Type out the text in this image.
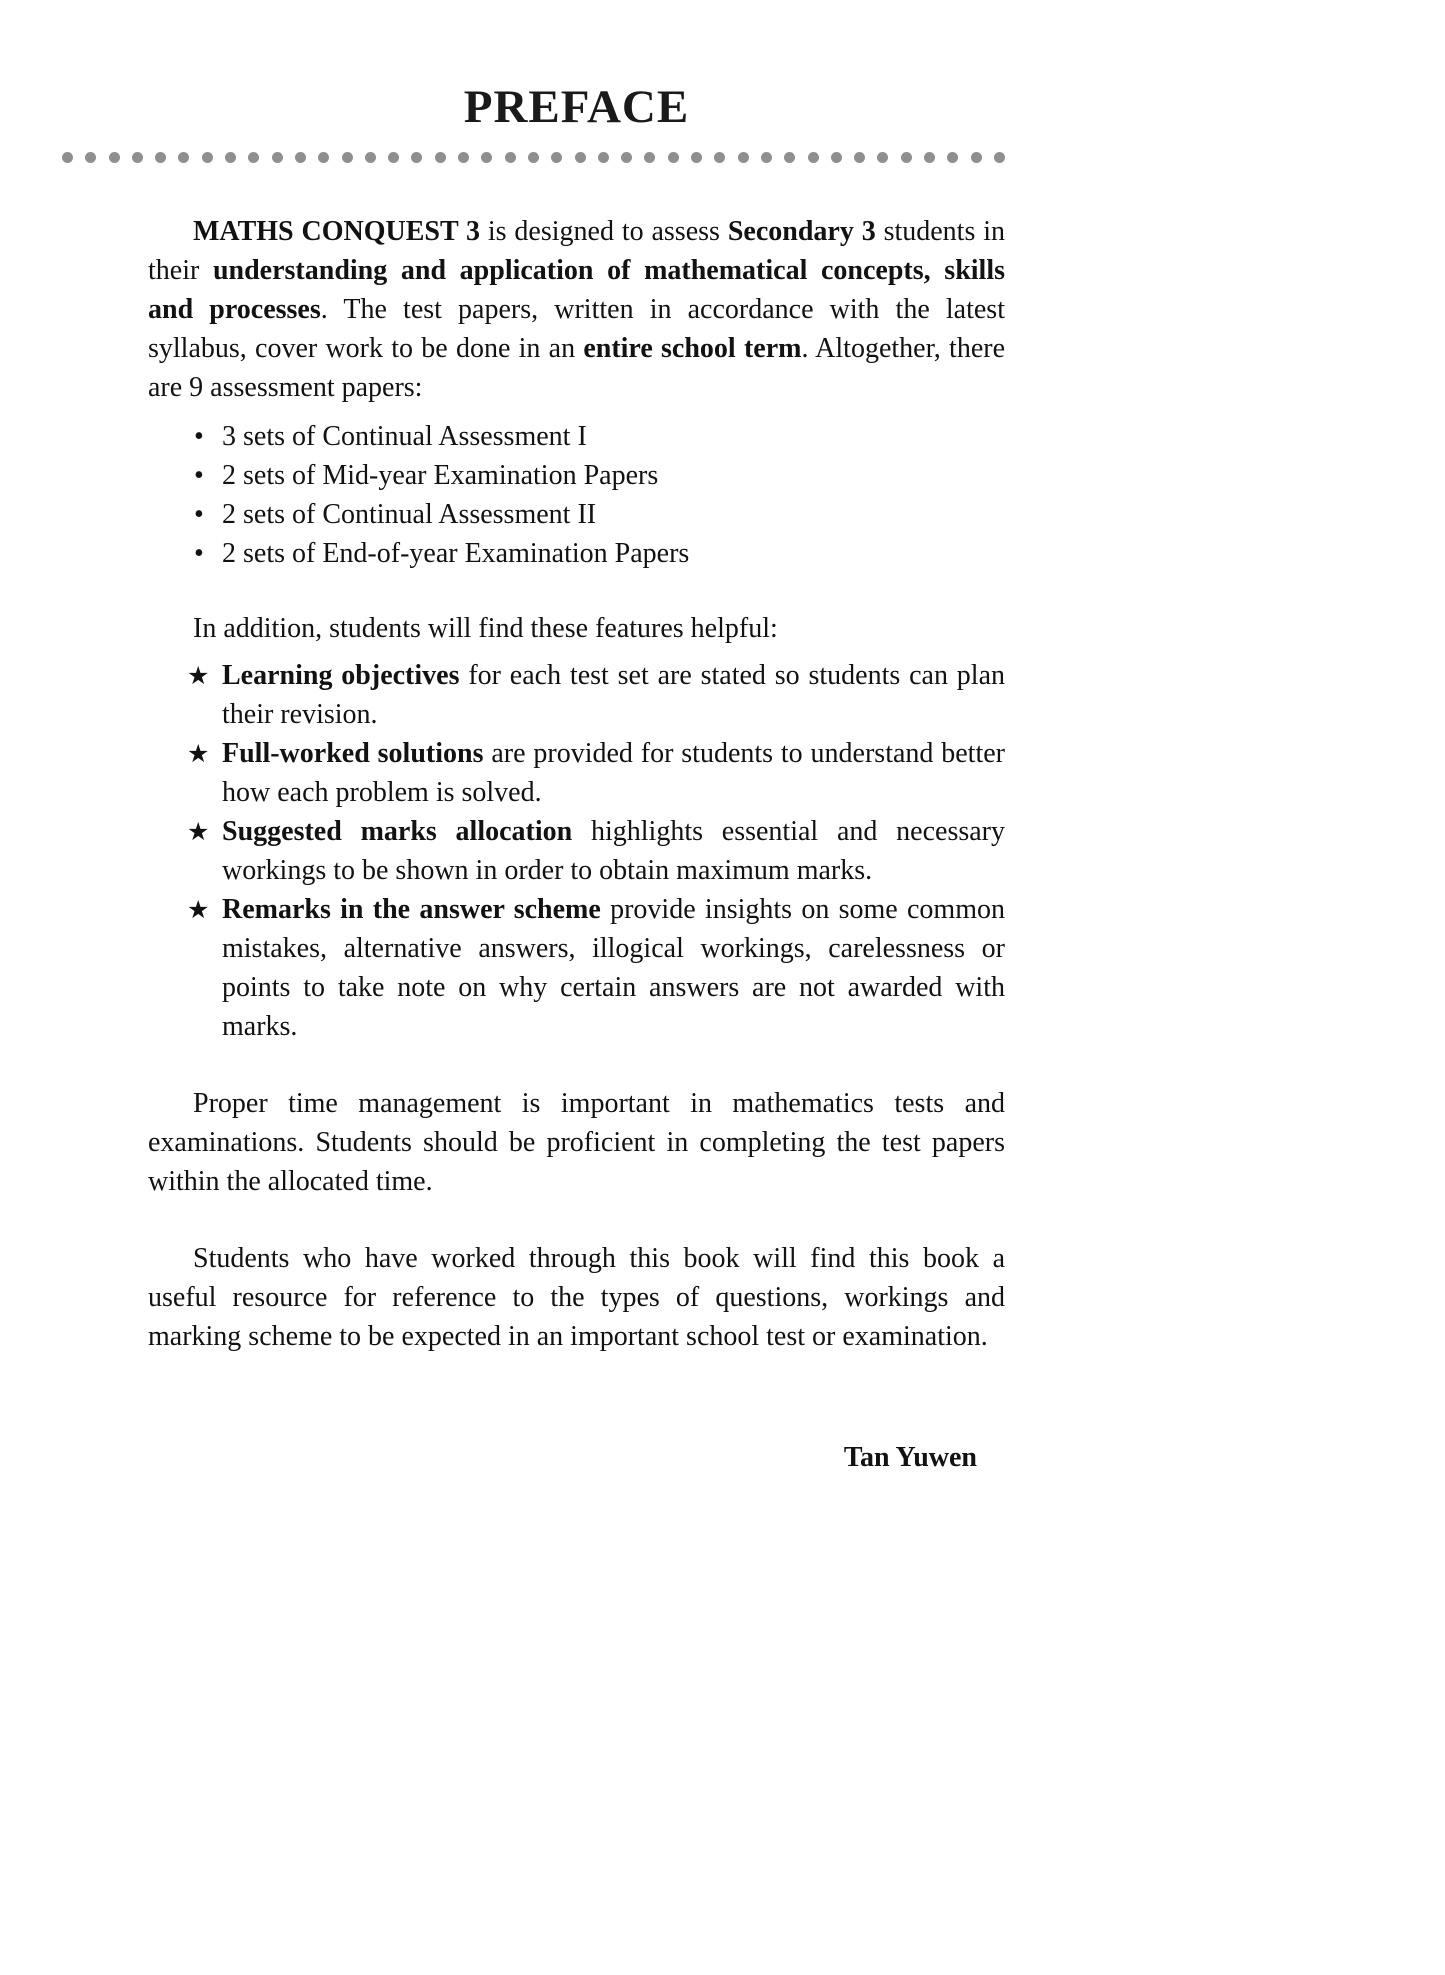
PREFACE

MATHS CONQUEST 3 is designed to assess Secondary 3 students in their understanding and application of mathematical concepts, skills and processes. The test papers, written in accordance with the latest syllabus, cover work to be done in an entire school term. Altogether, there are 9 assessment papers:

• 3 sets of Continual Assessment I
• 2 sets of Mid-year Examination Papers
• 2 sets of Continual Assessment II
• 2 sets of End-of-year Examination Papers

In addition, students will find these features helpful:

★ Learning objectives for each test set are stated so students can plan their revision.
★ Full-worked solutions are provided for students to understand better how each problem is solved.
★ Suggested marks allocation highlights essential and necessary workings to be shown in order to obtain maximum marks.
★ Remarks in the answer scheme provide insights on some common mistakes, alternative answers, illogical workings, carelessness or points to take note on why certain answers are not awarded with marks.

Proper time management is important in mathematics tests and examinations. Students should be proficient in completing the test papers within the allocated time.

Students who have worked through this book will find this book a useful resource for reference to the types of questions, workings and marking scheme to be expected in an important school test or examination.

Tan Yuwen
